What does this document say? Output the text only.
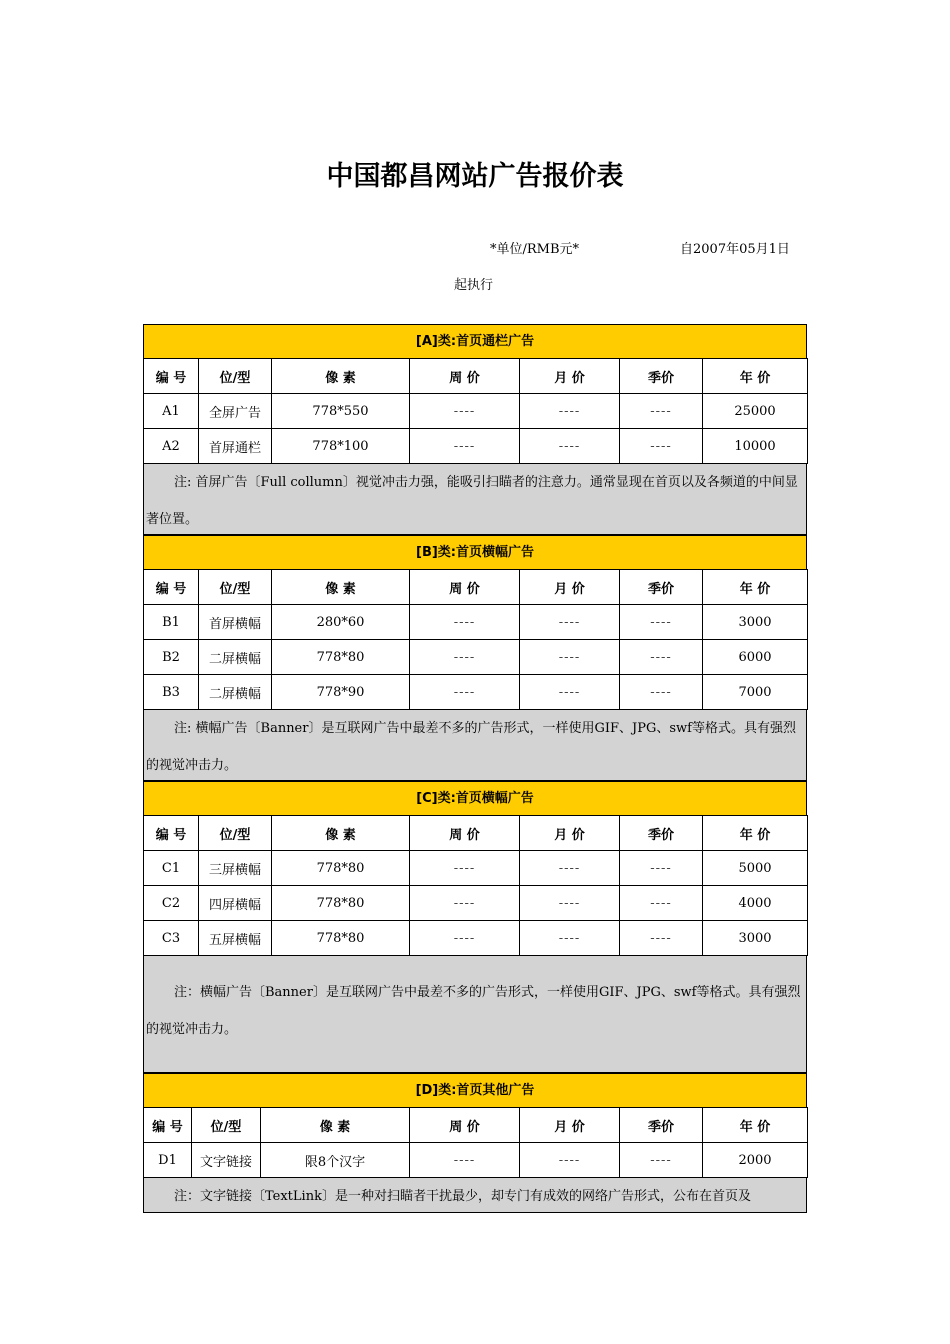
中国都昌网站广告报价表
*单位/RMB元*	自2007年05月1日
起执行
[A]类:首页通栏广告
编 号	位/型	像 素	周 价	月 价	季价	年 价
A1	全屏广告	778*550	----	----	----	25000
A2	首屏通栏	778*100	----	----	----	10000
注: 首屏广告〔Full collumn〕视觉冲击力强，能吸引扫瞄者的注意力。通常显现在首页以及各频道的中间显著位置。
[B]类:首页横幅广告
编 号	位/型	像 素	周 价	月 价	季价	年 价
B1	首屏横幅	280*60	----	----	----	3000
B2	二屏横幅	778*80	----	----	----	6000
B3	二屏横幅	778*90	----	----	----	7000
注: 横幅广告〔Banner〕是互联网广告中最差不多的广告形式，一样使用GIF、JPG、swf等格式。具有强烈的视觉冲击力。
[C]类:首页横幅广告
编 号	位/型	像 素	周 价	月 价	季价	年 价
C1	三屏横幅	778*80	----	----	----	5000
C2	四屏横幅	778*80	----	----	----	4000
C3	五屏横幅	778*80	----	----	----	3000
注：横幅广告〔Banner〕是互联网广告中最差不多的广告形式，一样使用GIF、JPG、swf等格式。具有强烈的视觉冲击力。
[D]类:首页其他广告
编 号	位/型	像 素	周 价	月 价	季价	年 价
D1	文字链接	限8个汉字	----	----	----	2000
注：文字链接〔TextLink〕是一种对扫瞄者干扰最少，却专门有成效的网络广告形式，公布在首页及
